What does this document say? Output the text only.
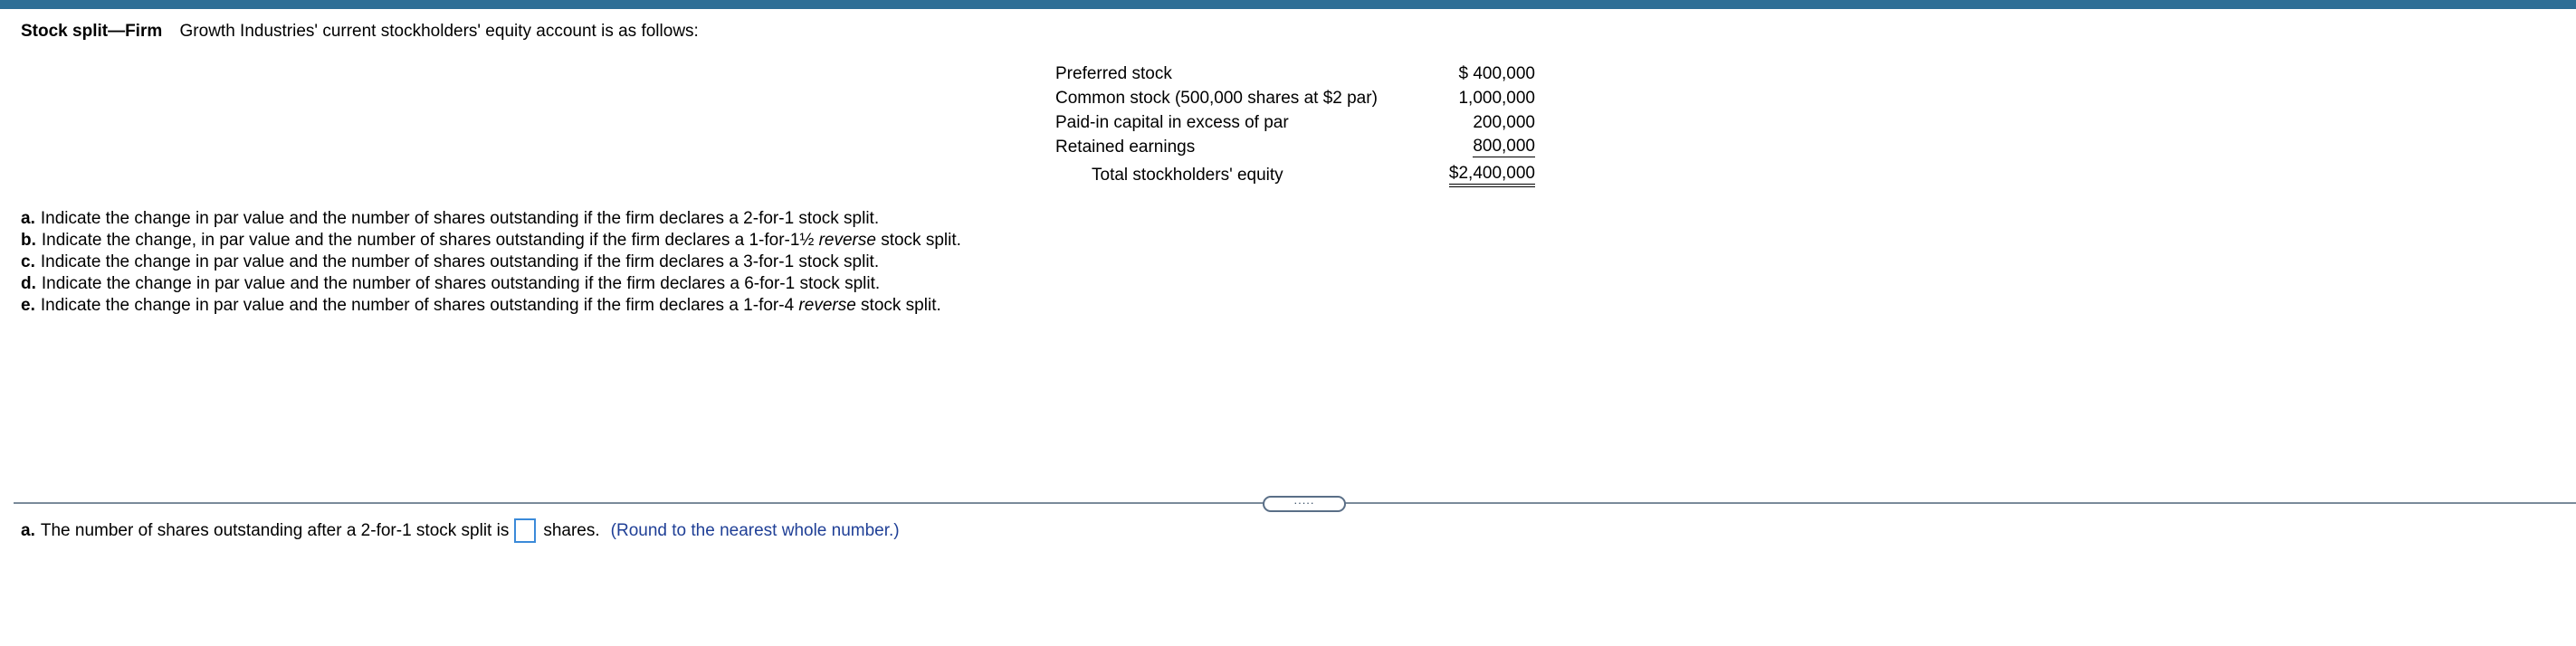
Stock split—Firm Growth Industries' current stockholders' equity account is as follows:
Preferred stock	$ 400,000
Common stock (500,000 shares at $2 par)	1,000,000
Paid-in capital in excess of par	200,000
Retained earnings	800,000
Total stockholders' equity	$2,400,000
a. Indicate the change in par value and the number of shares outstanding if the firm declares a 2-for-1 stock split.
b. Indicate the change, in par value and the number of shares outstanding if the firm declares a 1-for-1½ reverse stock split.
c. Indicate the change in par value and the number of shares outstanding if the firm declares a 3-for-1 stock split.
d. Indicate the change in par value and the number of shares outstanding if the firm declares a 6-for-1 stock split.
e. Indicate the change in par value and the number of shares outstanding if the firm declares a 1-for-4 reverse stock split.
.....
a. The number of shares outstanding after a 2-for-1 stock split is shares. (Round to the nearest whole number.)
